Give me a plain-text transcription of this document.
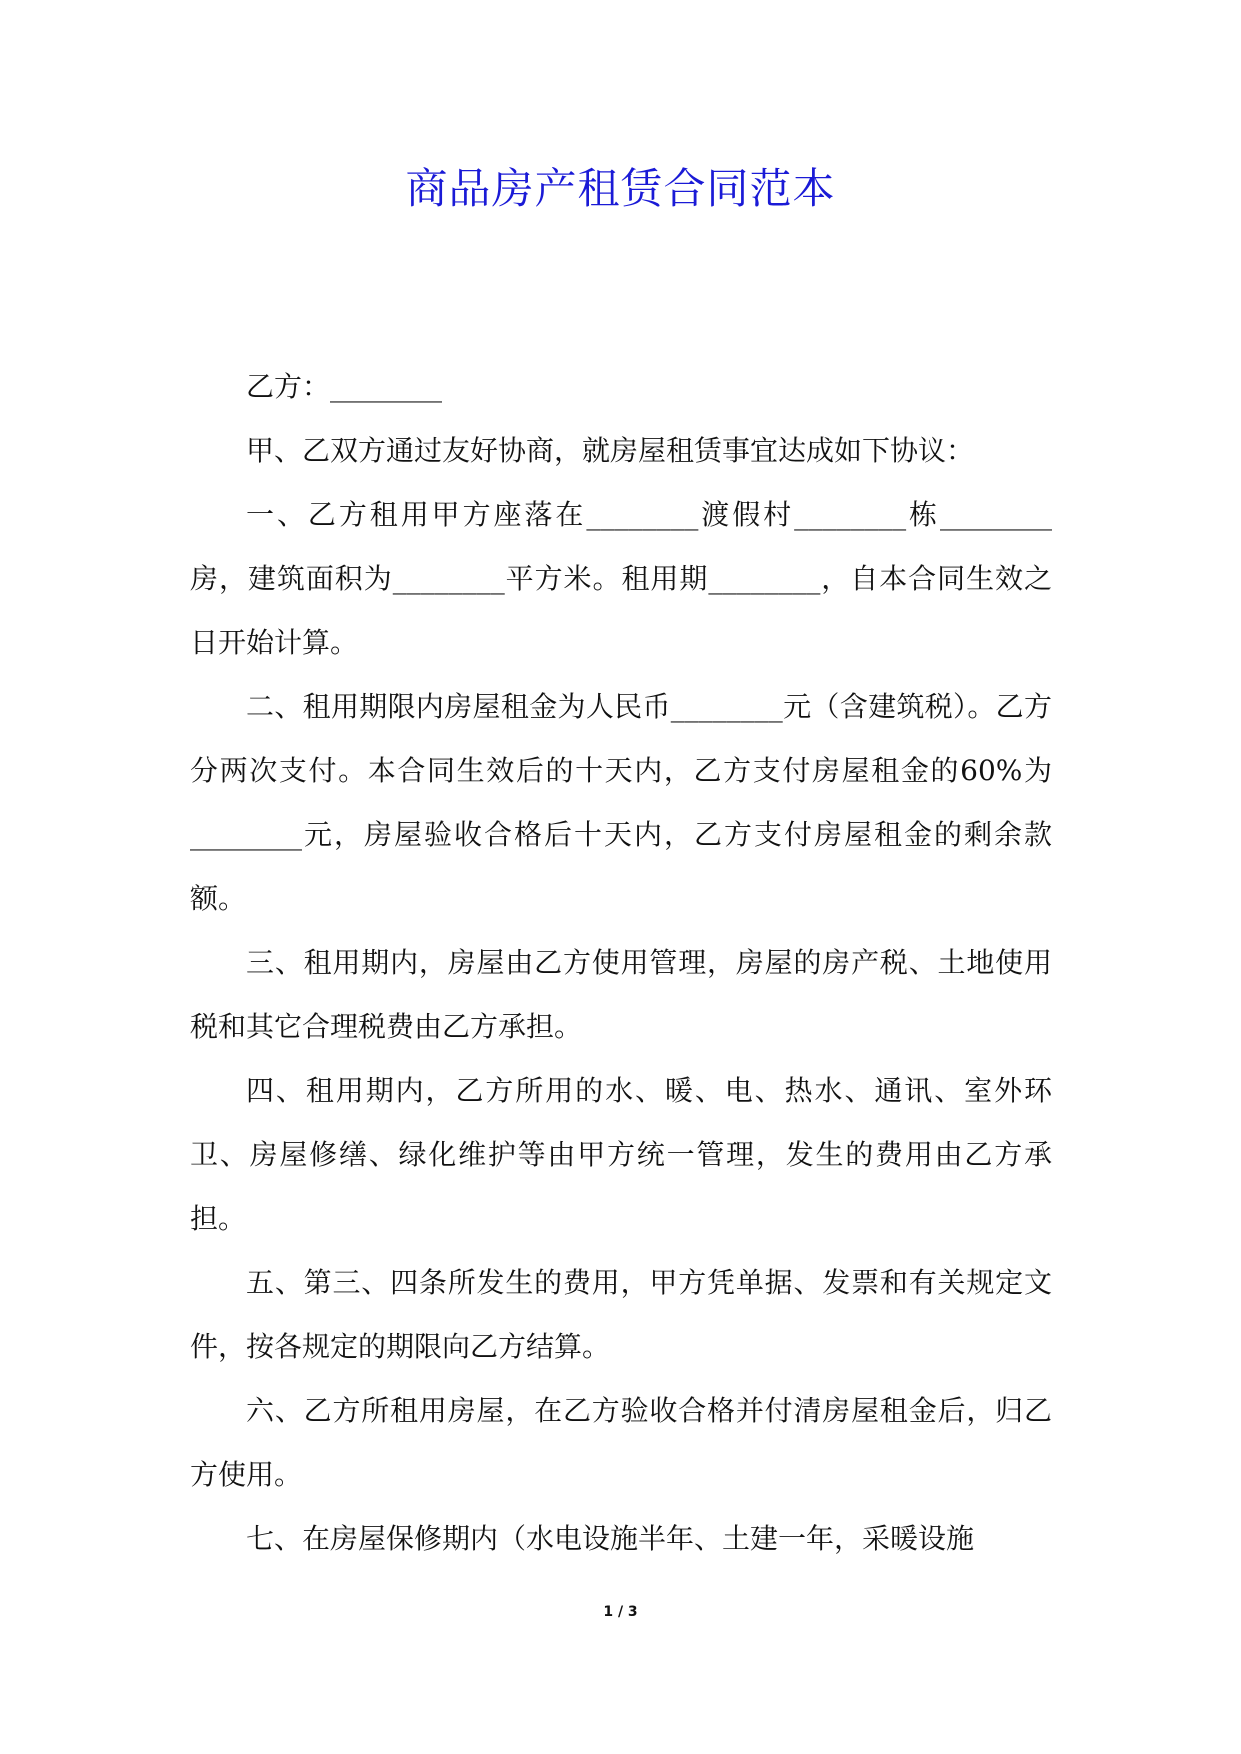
商品房产租赁合同范本

乙方：________

甲、乙双方通过友好协商，就房屋租赁事宜达成如下协议：

一、乙方租用甲方座落在________渡假村________栋________房，建筑面积为________平方米。租用期________，自本合同生效之日开始计算。

二、租用期限内房屋租金为人民币________元（含建筑税）。乙方分两次支付。本合同生效后的十天内，乙方支付房屋租金的60%为________元，房屋验收合格后十天内，乙方支付房屋租金的剩余款额。

三、租用期内，房屋由乙方使用管理，房屋的房产税、土地使用税和其它合理税费由乙方承担。

四、租用期内，乙方所用的水、暖、电、热水、通讯、室外环卫、房屋修缮、绿化维护等由甲方统一管理，发生的费用由乙方承担。

五、第三、四条所发生的费用，甲方凭单据、发票和有关规定文件，按各规定的期限向乙方结算。

六、乙方所租用房屋，在乙方验收合格并付清房屋租金后，归乙方使用。

七、在房屋保修期内（水电设施半年、土建一年，采暖设施

1 / 3
